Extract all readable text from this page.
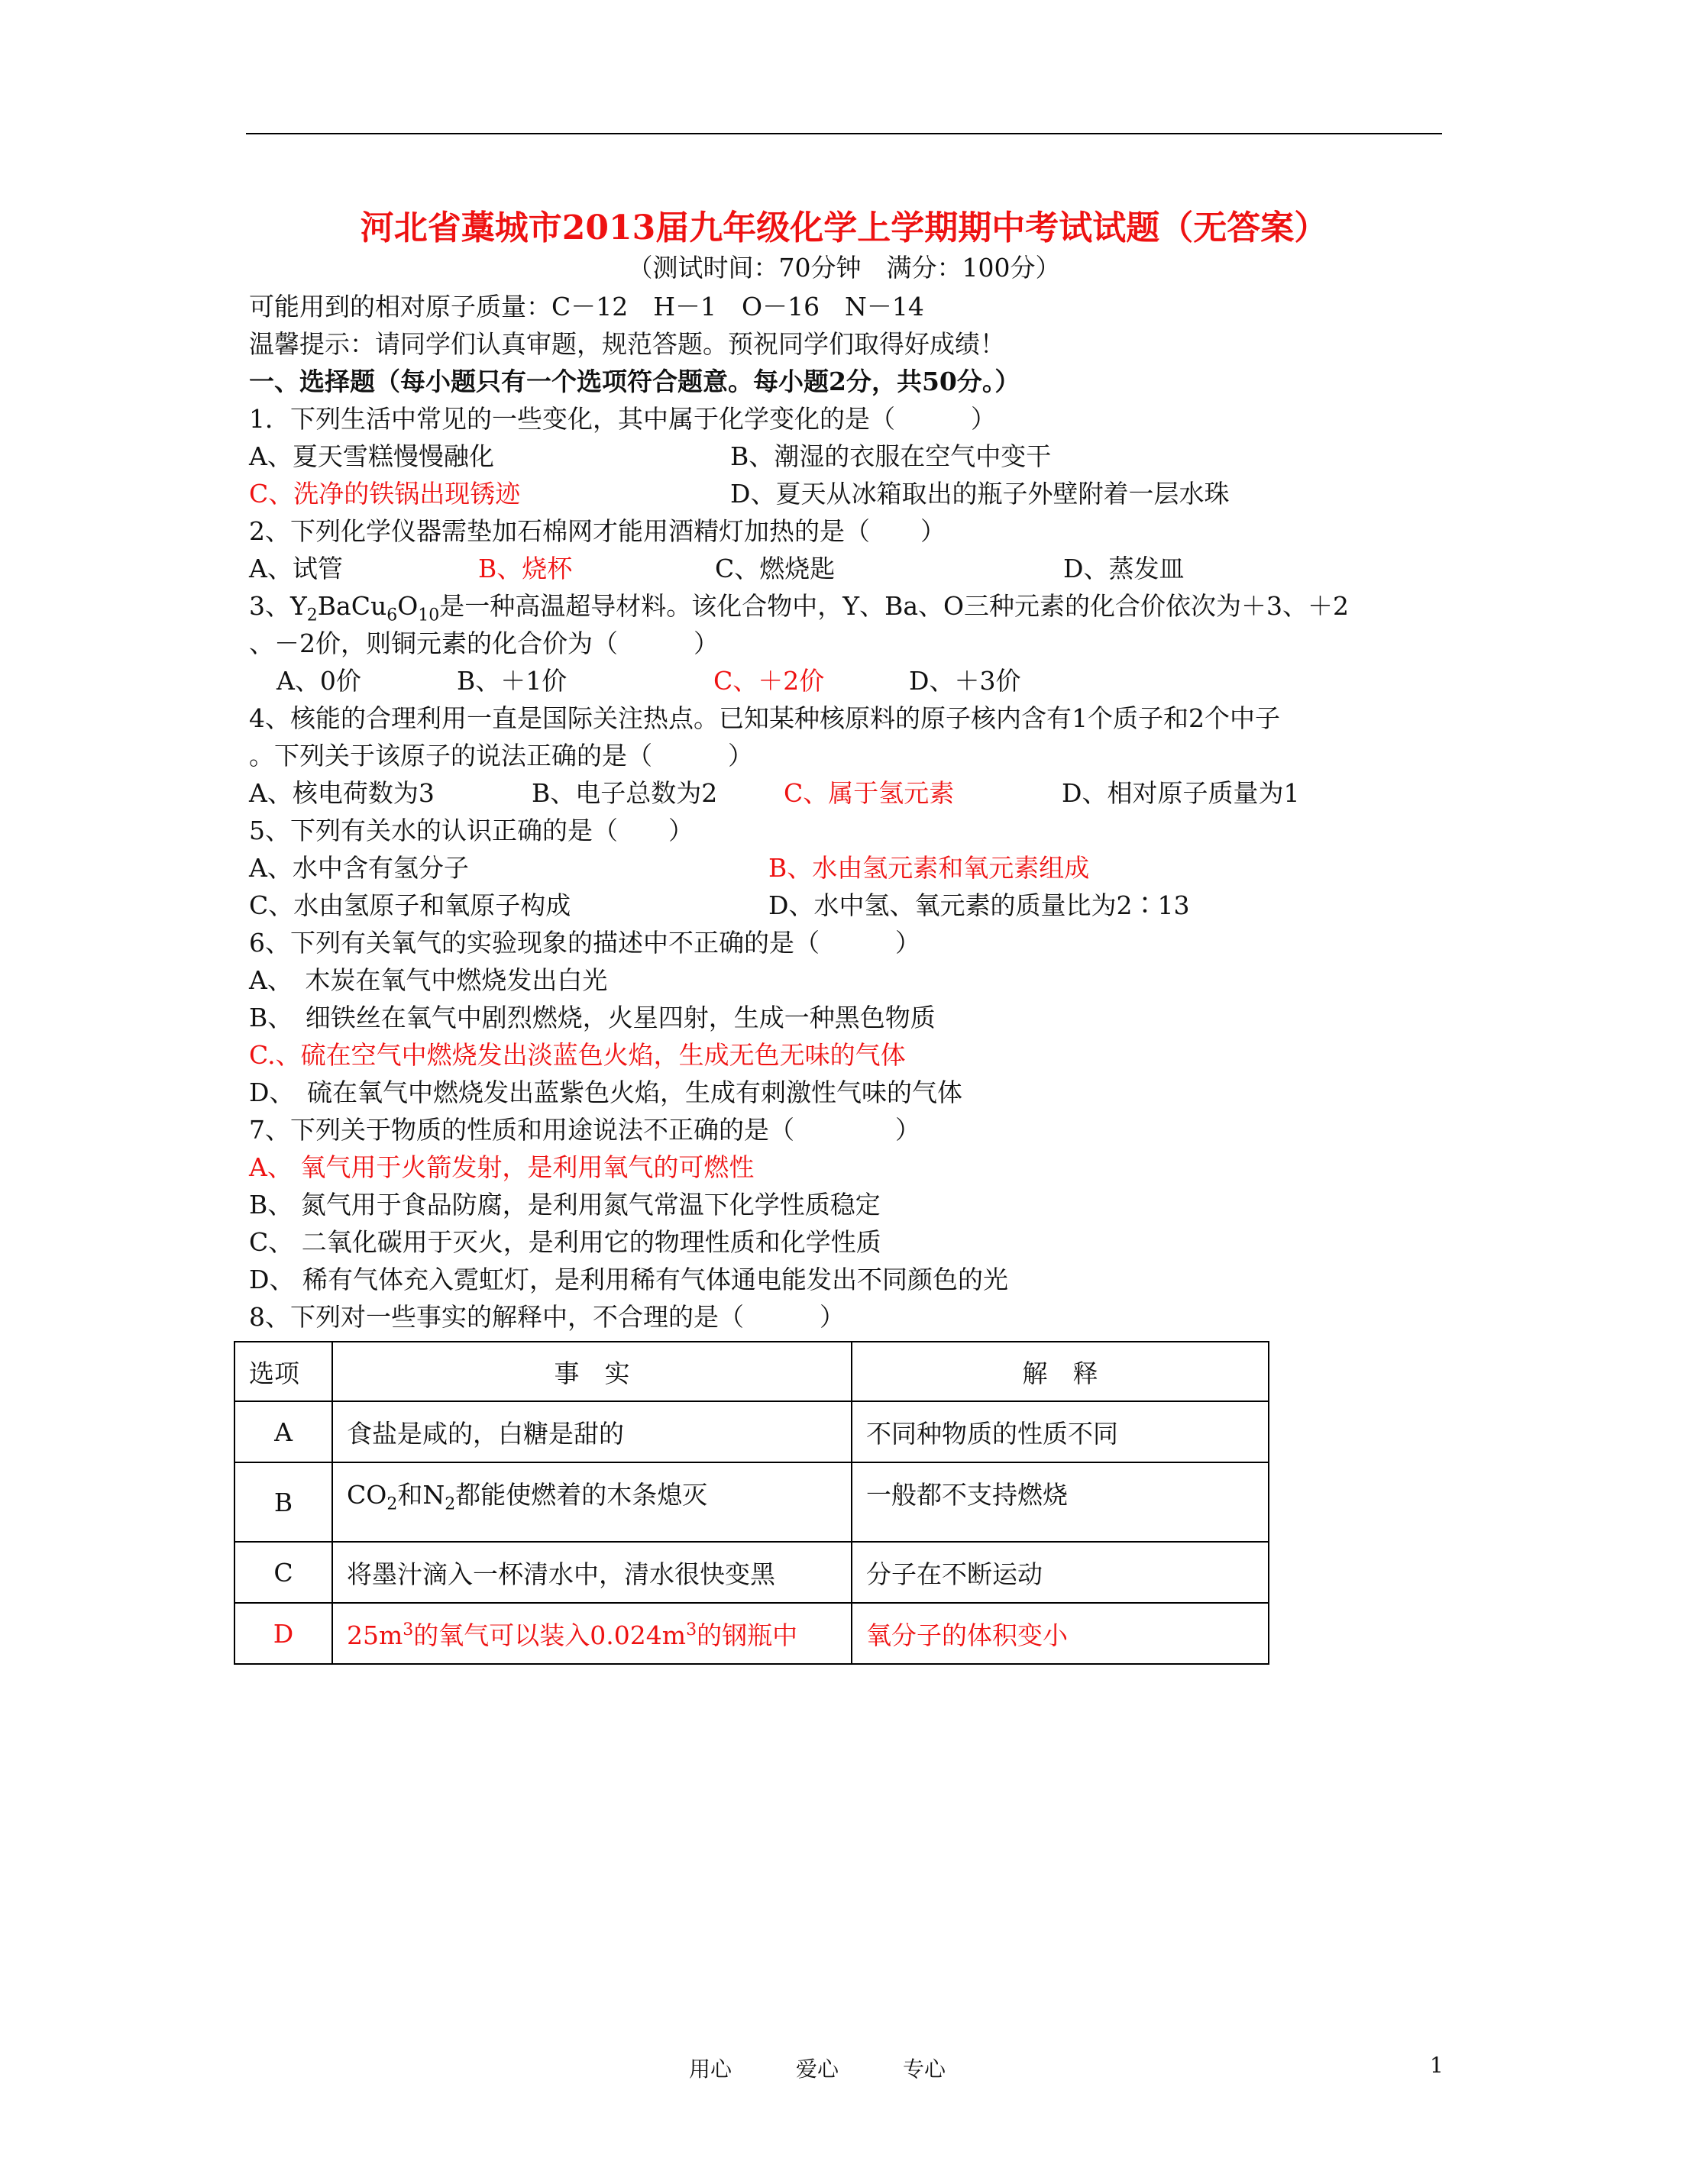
河北省藁城市2013届九年级化学上学期期中考试试题（无答案）
（测试时间：70分钟　满分：100分）
可能用到的相对原子质量：C－12　H－1　O－16　N－14
温馨提示：请同学们认真审题，规范答题。预祝同学们取得好成绩！
一、选择题（每小题只有一个选项符合题意。每小题2分，共50分。）
1．下列生活中常见的一些变化，其中属于化学变化的是（　　　）
A、夏天雪糕慢慢融化	B、潮湿的衣服在空气中变干
C、洗净的铁锅出现锈迹	D、夏天从冰箱取出的瓶子外壁附着一层水珠
2、下列化学仪器需垫加石棉网才能用酒精灯加热的是（　　）
A、试管	B、烧杯	C、燃烧匙	D、蒸发皿
3、$Y_2BaCu_6O_{10}$是一种高温超导材料。该化合物中，Y、Ba、O三种元素的化合价依次为＋3、＋2
、－2价，则铜元素的化合价为（　　　）
A、0价	B、＋1价	C、＋2价	D、＋3价
4、核能的合理利用一直是国际关注热点。已知某种核原料的原子核内含有1个质子和2个中子
。下列关于该原子的说法正确的是（　　　）
A、核电荷数为3	B、电子总数为2	C、属于氢元素	D、相对原子质量为1
5、下列有关水的认识正确的是（　　）
A、水中含有氢分子	B、水由氢元素和氧元素组成
C、水由氢原子和氧原子构成	D、水中氢、氧元素的质量比为2∶13
6、下列有关氧气的实验现象的描述中不正确的是（　　　）
A、　木炭在氧气中燃烧发出白光
B、　细铁丝在氧气中剧烈燃烧，火星四射，生成一种黑色物质
C.、硫在空气中燃烧发出淡蓝色火焰，生成无色无味的气体
D、　硫在氧气中燃烧发出蓝紫色火焰，生成有刺激性气味的气体
7、下列关于物质的性质和用途说法不正确的是（　　　　）
A、 氧气用于火箭发射，是利用氧气的可燃性
B、 氮气用于食品防腐，是利用氮气常温下化学性质稳定
C、 二氧化碳用于灭火，是利用它的物理性质和化学性质
D、 稀有气体充入霓虹灯，是利用稀有气体通电能发出不同颜色的光
8、下列对一些事实的解释中，不合理的是（　　　）
选项	事　实	解　释
A	食盐是咸的，白糖是甜的	不同种物质的性质不同
B	$CO_2$和$N_2$都能使燃着的木条熄灭	一般都不支持燃烧
C	将墨汁滴入一杯清水中，清水很快变黑	分子在不断运动
D	$25m^3$的氧气可以装入$0.024m^3$的钢瓶中	氧分子的体积变小
用心　　　爱心　　　专心	1
